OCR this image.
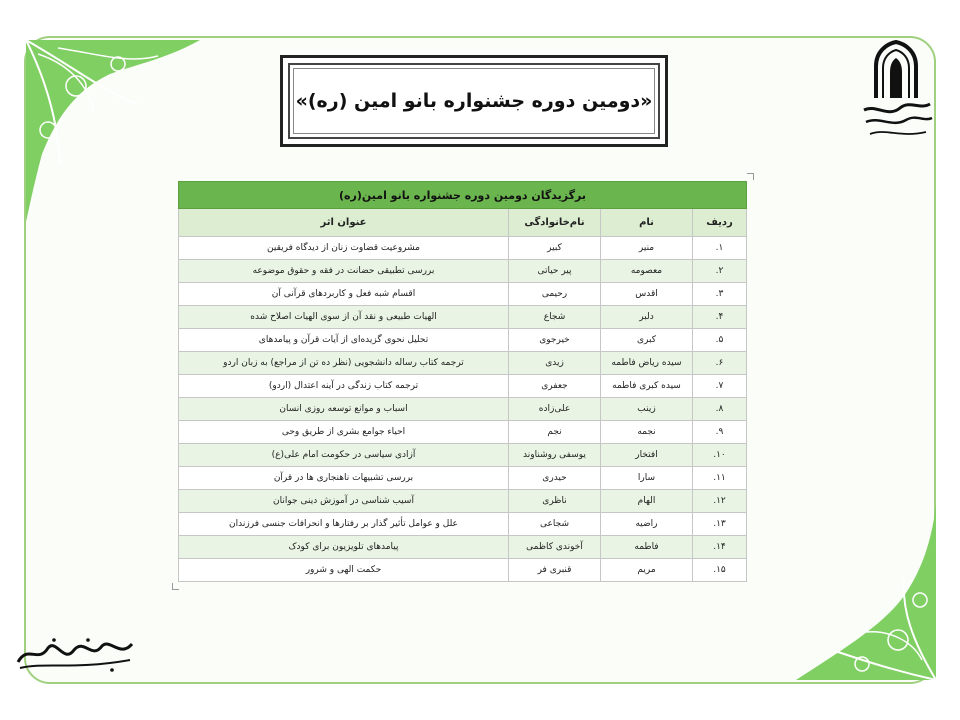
«دومین دوره جشنواره بانو امین (ره)»
برگزیدگان دومین دوره جشنواره بانو امین(ره)			
ردیف	نام	نام‌خانوادگی	عنوان اثر
۱.	منیر	کبیر	مشروعیت قضاوت زنان از دیدگاه فریقین
۲.	معصومه	پیر حیاتی	بررسی تطبیقی حضانت در فقه و حقوق موضوعه
۳.	اقدس	رحیمی	اقسام شبه فعل و کاربردهای قرآنی آن
۴.	دلبر	شجاع	الهیات طبیعی و نقد آن از سوی الهیات اصلاح شده
۵.	کبری	خیرجوی	تحلیل نحوی گزیده‌ای از آیات قرآن و پیامدهای
۶.	سیده ریاض فاطمه	زیدی	ترجمه کتاب رساله دانشجویی (نظر ده تن از مراجع) به زبان اردو
۷.	سیده کبری فاطمه	جعفری	ترجمه کتاب زندگی در آینه اعتدال (اردو)
۸.	زینب	علی‌زاده	اسباب و موانع توسعه روزی انسان
۹.	نجمه	نجم	احیاء جوامع بشری از طریق وحی
۱۰.	افتخار	یوسفی روشناوند	آزادی سیاسی در حکومت امام علی(ع)
۱۱.	سارا	حیدری	بررسی تشبیهات ناهنجاری ها در قرآن
۱۲.	الهام	ناظری	آسیب شناسی در آموزش دینی جوانان
۱۳.	راضیه	شجاعی	علل و عوامل تأثیر گذار بر رفتارها و انحرافات جنسی فرزندان
۱۴.	فاطمه	آخوندی کاظمی	پیامدهای تلویزیون برای کودک
۱۵.	مریم	قنبری فر	حکمت الهی و شرور
